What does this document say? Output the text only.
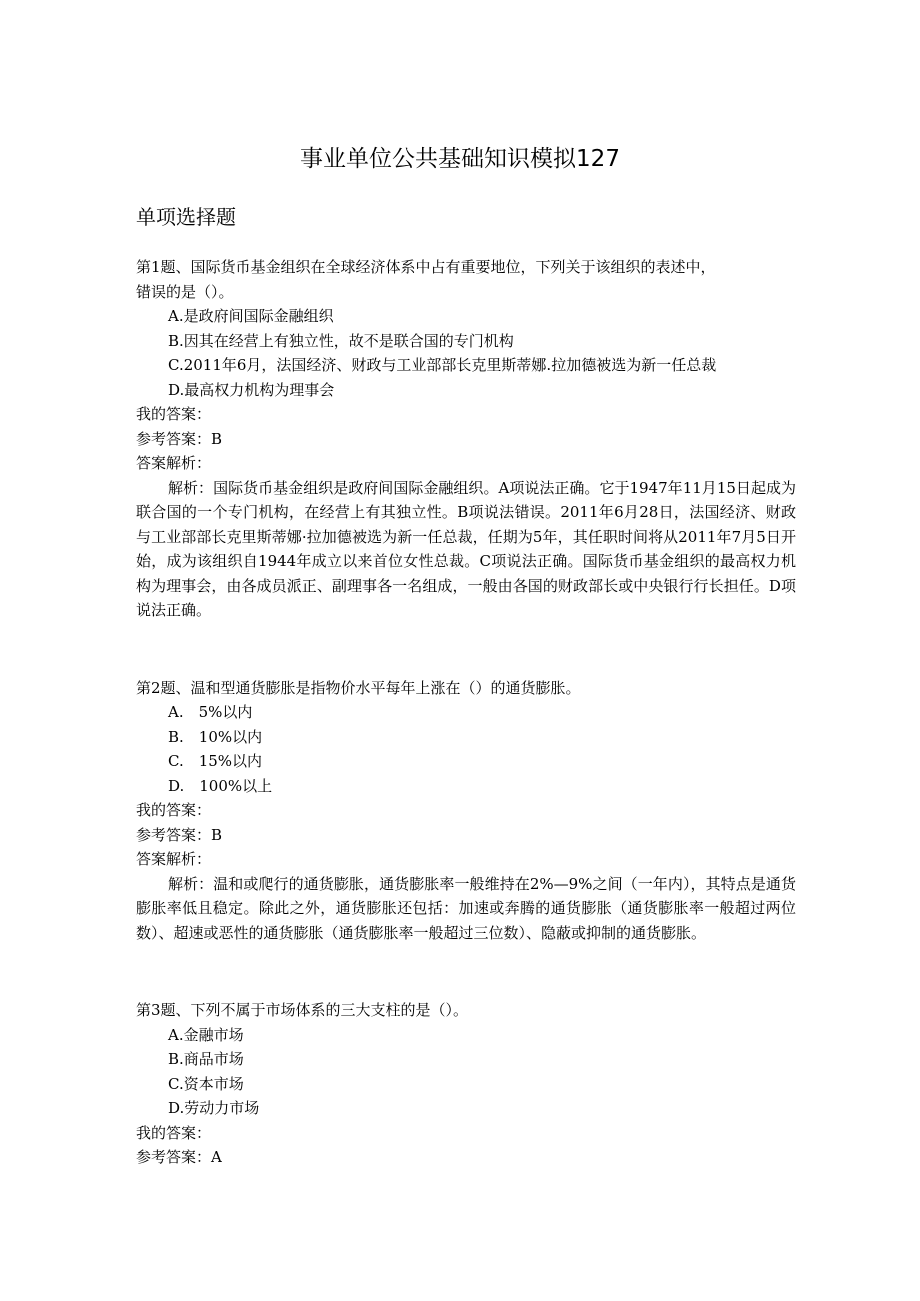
事业单位公共基础知识模拟127
单项选择题
第1题、国际货币基金组织在全球经济体系中占有重要地位，下列关于该组织的表述中，
错误的是（）。
A.是政府间国际金融组织
B.因其在经营上有独立性，故不是联合国的专门机构
C.2011年6月，法国经济、财政与工业部部长克里斯蒂娜.拉加德被选为新一任总裁
D.最高权力机构为理事会
我的答案：
参考答案：B
答案解析：
解析：国际货币基金组织是政府间国际金融组织。A项说法正确。它于1947年11月15日起成为联合国的一个专门机构，在经营上有其独立性。B项说法错误。2011年6月28日，法国经济、财政与工业部部长克里斯蒂娜·拉加德被选为新一任总裁，任期为5年，其任职时间将从2011年7月5日开始，成为该组织自1944年成立以来首位女性总裁。C项说法正确。国际货币基金组织的最高权力机构为理事会，由各成员派正、副理事各一名组成，一般由各国的财政部长或中央银行行长担任。D项说法正确。
第2题、温和型通货膨胀是指物价水平每年上涨在（）的通货膨胀。
A.　5%以内
B.　10%以内
C.　15%以内
D.　100%以上
我的答案：
参考答案：B
答案解析：
解析：温和或爬行的通货膨胀，通货膨胀率一般维持在2%—9%之间（一年内），其特点是通货膨胀率低且稳定。除此之外，通货膨胀还包括：加速或奔腾的通货膨胀（通货膨胀率一般超过两位数）、超速或恶性的通货膨胀（通货膨胀率一般超过三位数）、隐蔽或抑制的通货膨胀。
第3题、下列不属于市场体系的三大支柱的是（）。
A.金融市场
B.商品市场
C.资本市场
D.劳动力市场
我的答案：
参考答案：A
